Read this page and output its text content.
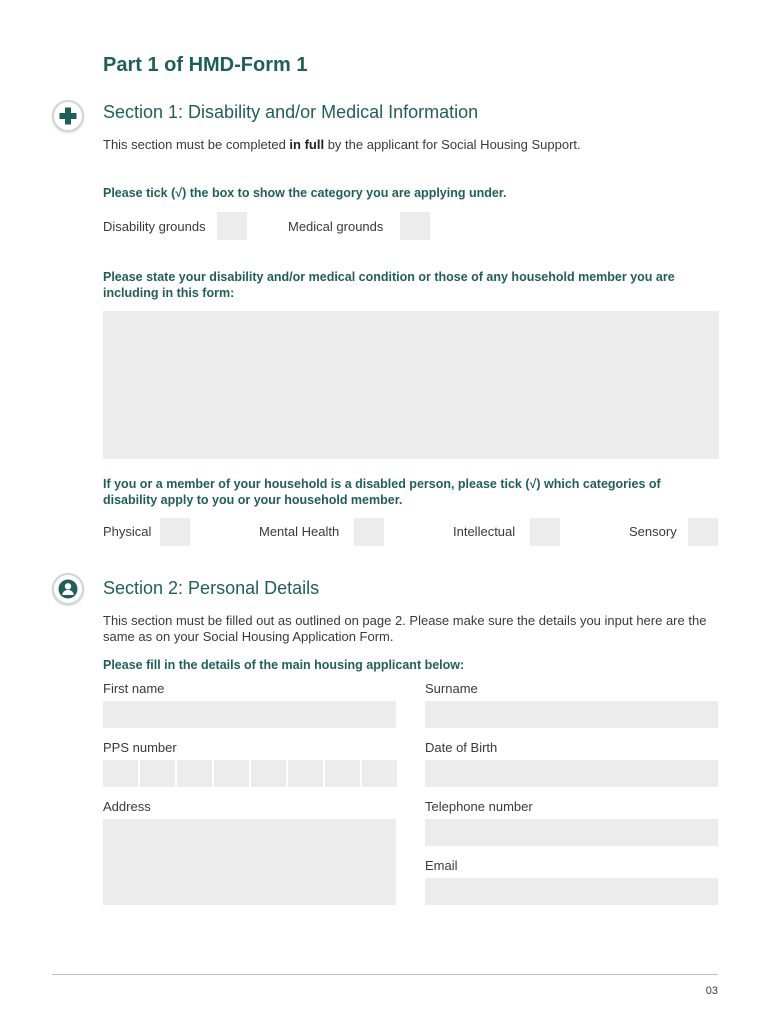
Part 1 of HMD-Form 1
Section 1: Disability and/or Medical Information
This section must be completed in full by the applicant for Social Housing Support.
Please tick (√) the box to show the category you are applying under.
Disability grounds	Medical grounds
Please state your disability and/or medical condition or those of any household member you are including in this form:
If you or a member of your household is a disabled person, please tick (√) which categories of disability apply to you or your household member.
Physical	Mental Health	Intellectual	Sensory
Section 2: Personal Details
This section must be filled out as outlined on page 2. Please make sure the details you input here are the same as on your Social Housing Application Form.
Please fill in the details of the main housing applicant below:
First name	Surname
PPS number	Date of Birth
Address	Telephone number
Email
03
